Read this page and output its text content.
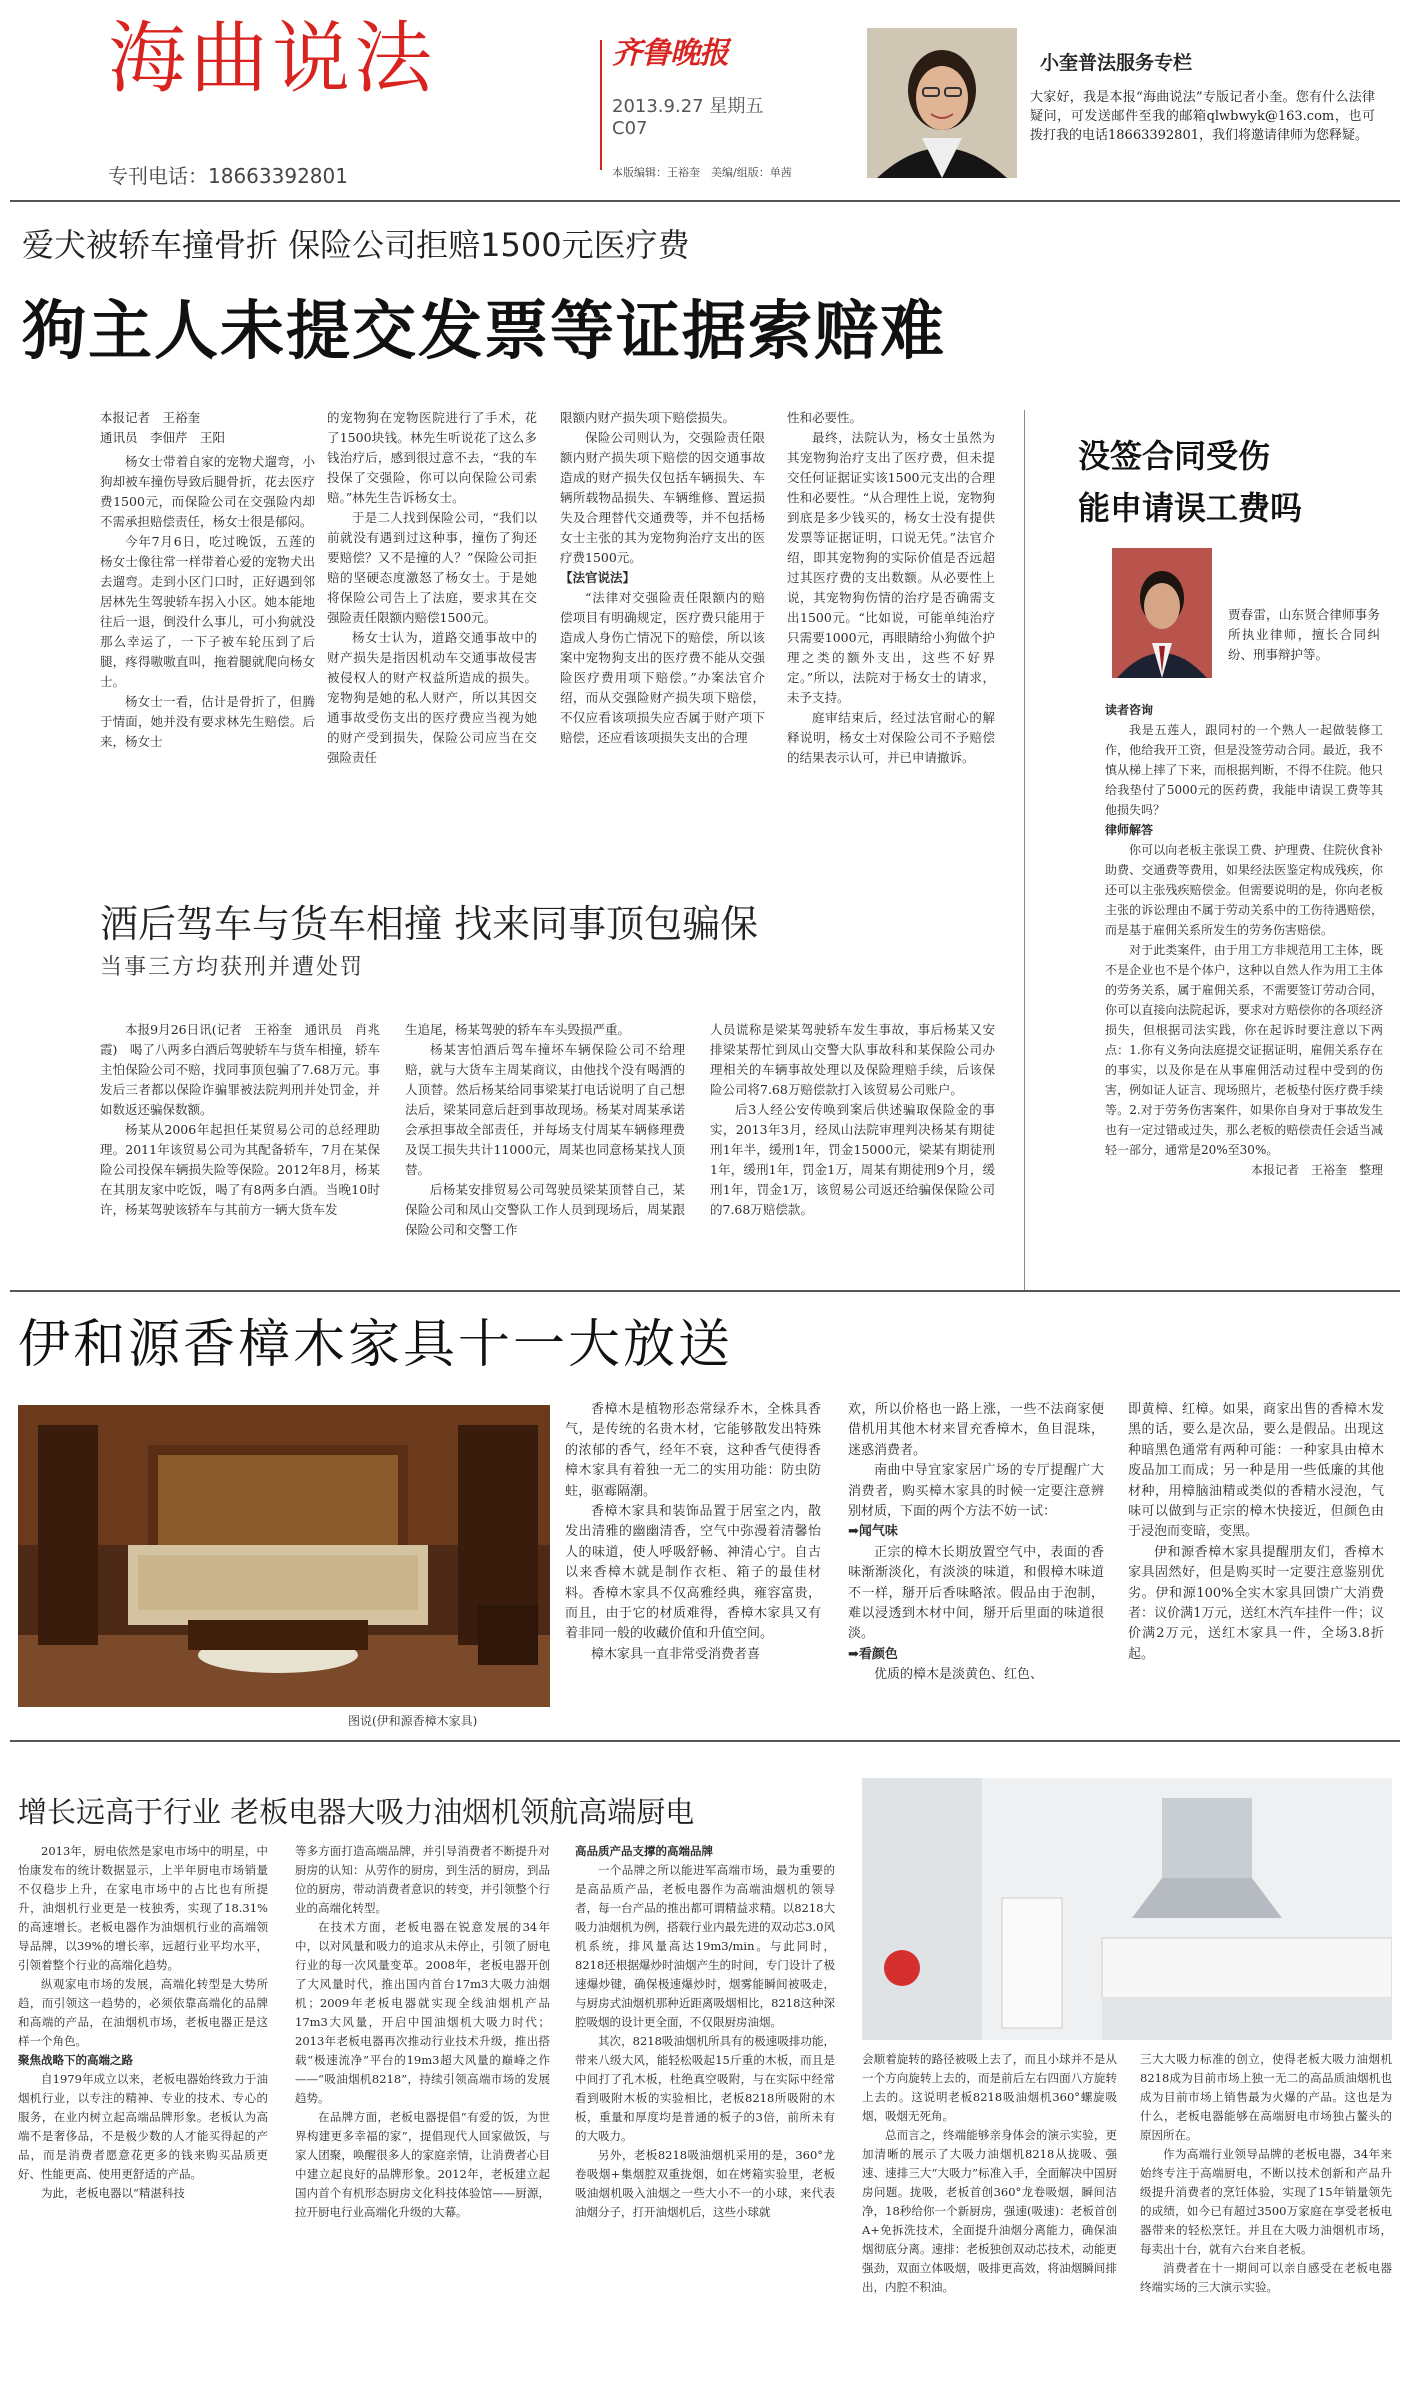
海曲说法	齐鲁晚报
2013.9.27 星期五
C07
专刊电话：18663392801	本版编辑：王裕奎　美编/组版：单茜
小奎普法服务专栏
大家好，我是本报“海曲说法”专版记者小奎。您有什么法律疑问，可发送邮件至我的邮箱qlwbwyk@163.com，也可拨打我的电话18663392801，我们将邀请律师为您释疑。
爱犬被轿车撞骨折 保险公司拒赔1500元医疗费
狗主人未提交发票等证据索赔难
本报记者　王裕奎
通讯员　李佃芹　王阳

杨女士带着自家的宠物犬遛弯，小狗却被车撞伤导致后腿骨折，花去医疗费1500元，而保险公司在交强险内却不需承担赔偿责任，杨女士很是郁闷。

今年7月6日，吃过晚饭，五莲的杨女士像往常一样带着心爱的宠物犬出去遛弯。走到小区门口时，正好遇到邻居林先生驾驶轿车拐入小区。她本能地往后一退，倒没什么事儿，可小狗就没那么幸运了，一下子被车轮压到了后腿，疼得嗷嗷直叫，拖着腿就爬向杨女士。

杨女士一看，估计是骨折了，但腾于情面，她并没有要求林先生赔偿。后来，杨女士

的宠物狗在宠物医院进行了手术，花了1500块钱。林先生听说花了这么多钱治疗后，感到很过意不去，“我的车投保了交强险，你可以向保险公司索赔。”林先生告诉杨女士。

于是二人找到保险公司，“我们以前就没有遇到过这种事，撞伤了狗还要赔偿？又不是撞的人？”保险公司拒赔的坚硬态度激怒了杨女士。于是她将保险公司告上了法庭，要求其在交强险责任限额内赔偿1500元。

杨女士认为，道路交通事故中的财产损失是指因机动车交通事故侵害被侵权人的财产权益所造成的损失。宠物狗是她的私人财产，所以其因交通事故受伤支出的医疗费应当视为她的财产受到损失，保险公司应当在交强险责任

限额内财产损失项下赔偿损失。

保险公司则认为，交强险责任限额内财产损失项下赔偿的因交通事故造成的财产损失仅包括车辆损失、车辆所载物品损失、车辆维修、置运损失及合理替代交通费等，并不包括杨女士主张的其为宠物狗治疗支出的医疗费1500元。

【法官说法】

“法律对交强险责任限额内的赔偿项目有明确规定，医疗费只能用于造成人身伤亡情况下的赔偿，所以该案中宠物狗支出的医疗费不能从交强险医疗费用项下赔偿。”办案法官介绍，而从交强险财产损失项下赔偿，不仅应看该项损失应否属于财产项下赔偿，还应看该项损失支出的合理

性和必要性。

最终，法院认为，杨女士虽然为其宠物狗治疗支出了医疗费，但未提交任何证据证实该1500元支出的合理性和必要性。“从合理性上说，宠物狗到底是多少钱买的，杨女士没有提供发票等证据证明，口说无凭。”法官介绍，即其宠物狗的实际价值是否远超过其医疗费的支出数额。从必要性上说，其宠物狗伤情的治疗是否确需支出1500元。“比如说，可能单纯治疗只需要1000元，再眼睛给小狗做个护理之类的额外支出，这些不好界定。”所以，法院对于杨女士的请求，未予支持。

庭审结束后，经过法官耐心的解释说明，杨女士对保险公司不予赔偿的结果表示认可，并已申请撤诉。

酒后驾车与货车相撞 找来同事顶包骗保
当事三方均获刑并遭处罚

本报9月26日讯(记者　王裕奎　通讯员　肖兆霞)　喝了八两多白酒后驾驶轿车与货车相撞，轿车主怕保险公司不赔，找同事顶包骗了7.68万元。事发后三者都以保险诈骗罪被法院判刑并处罚金，并如数返还骗保数额。

杨某从2006年起担任某贸易公司的总经理助理。2011年该贸易公司为其配备轿车，7月在某保险公司投保车辆损失险等保险。2012年8月，杨某在其朋友家中吃饭，喝了有8两多白酒。当晚10时许，杨某驾驶该轿车与其前方一辆大货车发

生追尾，杨某驾驶的轿车车头毁损严重。

杨某害怕酒后驾车撞坏车辆保险公司不给理赔，就与大货车主周某商议，由他找个没有喝酒的人顶替。然后杨某给同事梁某打电话说明了自己想法后，梁某同意后赶到事故现场。杨某对周某承诺会承担事故全部责任，并每场支付周某车辆修理费及误工损失共计11000元，周某也同意杨某找人顶替。

后杨某安排贸易公司驾驶员梁某顶替自己，某保险公司和凤山交警队工作人员到现场后，周某跟保险公司和交警工作

人员谎称是梁某驾驶轿车发生事故，事后杨某又安排梁某帮忙到凤山交警大队事故科和某保险公司办理相关的车辆事故处理以及保险理赔手续，后该保险公司将7.68万赔偿款打入该贸易公司账户。

后3人经公安传唤到案后供述骗取保险金的事实，2013年3月，经凤山法院审理判决杨某有期徒刑1年半，缓刑1年，罚金15000元，梁某有期徒刑1年，缓刑1年，罚金1万，周某有期徒刑9个月，缓刑1年，罚金1万，该贸易公司返还给骗保保险公司的7.68万赔偿款。

没签合同受伤
能申请误工费吗
贾春雷，山东贤合律师事务所执业律师，擅长合同纠纷、刑事辩护等。

读者咨询

我是五莲人，跟同村的一个熟人一起做装修工作，他给我开工资，但是没签劳动合同。最近，我不慎从梯上摔了下来，而根据判断，不得不住院。他只给我垫付了5000元的医药费，我能申请误工费等其他损失吗？

律师解答

你可以向老板主张误工费、护理费、住院伙食补助费、交通费等费用，如果经法医鉴定构成残疾，你还可以主张残疾赔偿金。但需要说明的是，你向老板主张的诉讼理由不属于劳动关系中的工伤待遇赔偿，而是基于雇佣关系所发生的劳务伤害赔偿。

对于此类案件，由于用工方非规范用工主体，既不是企业也不是个体户，这种以自然人作为用工主体的劳务关系，属于雇佣关系，不需要签订劳动合同，你可以直接向法院起诉，要求对方赔偿你的各项经济损失，但根据司法实践，你在起诉时要注意以下两点：1.你有义务向法庭提交证据证明，雇佣关系存在的事实，以及你是在从事雇佣活动过程中受到的伤害，例如证人证言、现场照片，老板垫付医疗费手续等。2.对于劳务伤害案件，如果你自身对于事故发生也有一定过错或过失，那么老板的赔偿责任会适当减轻一部分，通常是20%至30%。

本报记者　王裕奎　整理

伊和源香樟木家具十一大放送
图说(伊和源香樟木家具)

香樟木是植物形态常绿乔木，全株具香气，是传统的名贵木材，它能够散发出特殊的浓郁的香气，经年不衰，这种香气使得香樟木家具有着独一无二的实用功能：防虫防蛀，驱霉隔潮。

香樟木家具和装饰品置于居室之内，散发出清雅的幽幽清香，空气中弥漫着清馨怡人的味道，使人呼吸舒畅、神清心宁。自古以来香樟木就是制作衣柜、箱子的最佳材料。香樟木家具不仅高雅经典，雍容富贵，而且，由于它的材质难得，香樟木家具又有着非同一般的收藏价值和升值空间。

樟木家具一直非常受消费者喜

欢，所以价格也一路上涨，一些不法商家便借机用其他木材来冒充香樟木，鱼目混珠，迷惑消费者。

南曲中导宜家家居广场的专厅提醒广大消费者，购买樟木家具的时候一定要注意辨别材质，下面的两个方法不妨一试：

➡闻气味

正宗的樟木长期放置空气中，表面的香味渐渐淡化，有淡淡的味道，和假樟木味道不一样，掰开后香味略浓。假品由于泡制，难以浸透到木材中间，掰开后里面的味道很淡。

➡看颜色

优质的樟木是淡黄色、红色、

即黄樟、红樟。如果，商家出售的香樟木发黑的话，要么是次品，要么是假品。出现这种暗黑色通常有两种可能：一种家具由樟木废品加工而成；另一种是用一些低廉的其他材种，用樟脑油精或类似的香精水浸泡，气味可以做到与正宗的樟木快接近，但颜色由于浸泡而变暗，变黑。

伊和源香樟木家具提醒朋友们，香樟木家具固然好，但是购买时一定要注意鉴别优劣。伊和源100%全实木家具回馈广大消费者：议价满1万元，送红木汽车挂件一件；议价满2万元，送红木家具一件，全场3.8折起。

增长远高于行业 老板电器大吸力油烟机领航高端厨电

2013年，厨电依然是家电市场中的明星，中怡康发布的统计数据显示，上半年厨电市场销量不仅稳步上升，在家电市场中的占比也有所提升，油烟机行业更是一枝独秀，实现了18.31%的高速增长。老板电器作为油烟机行业的高端领导品牌，以39%的增长率，远超行业平均水平，引领着整个行业的高端化趋势。

纵观家电市场的发展，高端化转型是大势所趋，而引领这一趋势的，必须依靠高端化的品牌和高端的产品，在油烟机市场，老板电器正是这样一个角色。

聚焦战略下的高端之路

自1979年成立以来，老板电器始终致力于油烟机行业，以专注的精神、专业的技术、专心的服务，在业内树立起高端品牌形象。老板认为高端不是奢侈品，不是极少数的人才能买得起的产品，而是消费者愿意花更多的钱来购买品质更好、性能更高、使用更舒适的产品。

为此，老板电器以“精湛科技

等多方面打造高端品牌，并引导消费者不断提升对厨房的认知：从劳作的厨房，到生活的厨房，到品位的厨房，带动消费者意识的转变，并引领整个行业的高端化转型。

在技术方面，老板电器在锐意发展的34年中，以对风量和吸力的追求从未停止，引领了厨电行业的每一次风量变革。2008年，老板电器开创了大风量时代，推出国内首台17m3大吸力油烟机；2009年老板电器就实现全线油烟机产品17m3大风量，开启中国油烟机大吸力时代；2013年老板电器再次推动行业技术升级，推出搭载“极速流净”平台的19m3超大风量的巅峰之作——“吸油烟机8218”，持续引领高端市场的发展趋势。

在品牌方面，老板电器提倡“有爱的饭，为世界构建更多幸福的家”，提倡现代人回家做饭，与家人团聚，唤醒很多人的家庭亲情，让消费者心目中建立起良好的品牌形象。2012年，老板建立起国内首个有机形态厨房文化科技体验馆——厨源，拉开厨电行业高端化升级的大幕。

高品质产品支撑的高端品牌

一个品牌之所以能进军高端市场，最为重要的是高品质产品，老板电器作为高端油烟机的领导者，每一台产品的推出都可谓精益求精。以8218大吸力油烟机为例，搭载行业内最先进的双动芯3.0风机系统，排风量高达19m3/min。与此同时，8218还根据爆炒时油烟产生的时间，专门设计了极速爆炒键，确保极速爆炒时，烟雾能瞬间被吸走，与厨房式油烟机那种近距离吸烟相比，8218这种深腔吸烟的设计更全面，不仅限厨房油烟。

其次，8218吸油烟机所具有的极速吸排功能，带来八级大风，能轻松吸起15斤重的木板，而且是中间打了孔木板，杜绝真空吸附，与在实际中经常看到吸附木板的实验相比，老板8218所吸附的木板，重量和厚度均是普通的板子的3倍，前所未有的大吸力。

另外，老板8218吸油烟机采用的是，360°龙卷吸烟+集烟腔双重拢烟，如在烤箱实验里，老板吸油烟机吸入油烟之一些大小不一的小球，来代表油烟分子，打开油烟机后，这些小球就

会顺着旋转的路径被吸上去了，而且小球并不是从一个方向旋转上去的，而是前后左右四面八方旋转上去的。这说明老板8218吸油烟机360°螺旋吸烟，吸烟无死角。

总而言之，终端能够亲身体会的演示实验，更加清晰的展示了大吸力油烟机8218从拢吸、强速、速排三大“大吸力”标准入手，全面解决中国厨房问题。拢吸，老板首创360°龙卷吸烟，瞬间洁净，18秒给你一个新厨房，强速(吸速)：老板首创A+免拆洗技术，全面提升油烟分离能力，确保油烟彻底分离。速排：老板独创双动芯技术，动能更强劲，双面立体吸烟，吸排更高效，将油烟瞬间排出，内腔不积油。

三大大吸力标准的创立，使得老板大吸力油烟机8218成为目前市场上独一无二的高品质油烟机也成为目前市场上销售最为火爆的产品。这也是为什么，老板电器能够在高端厨电市场独占鳌头的原因所在。

作为高端行业领导品牌的老板电器，34年来始终专注于高端厨电，不断以技术创新和产品升级提升消费者的烹饪体验，实现了15年销量领先的成绩，如今已有超过3500万家庭在享受老板电器带来的轻松烹饪。并且在大吸力油烟机市场，每卖出十台，就有六台来自老板。

消费者在十一期间可以亲自感受在老板电器终端实场的三大演示实验。
